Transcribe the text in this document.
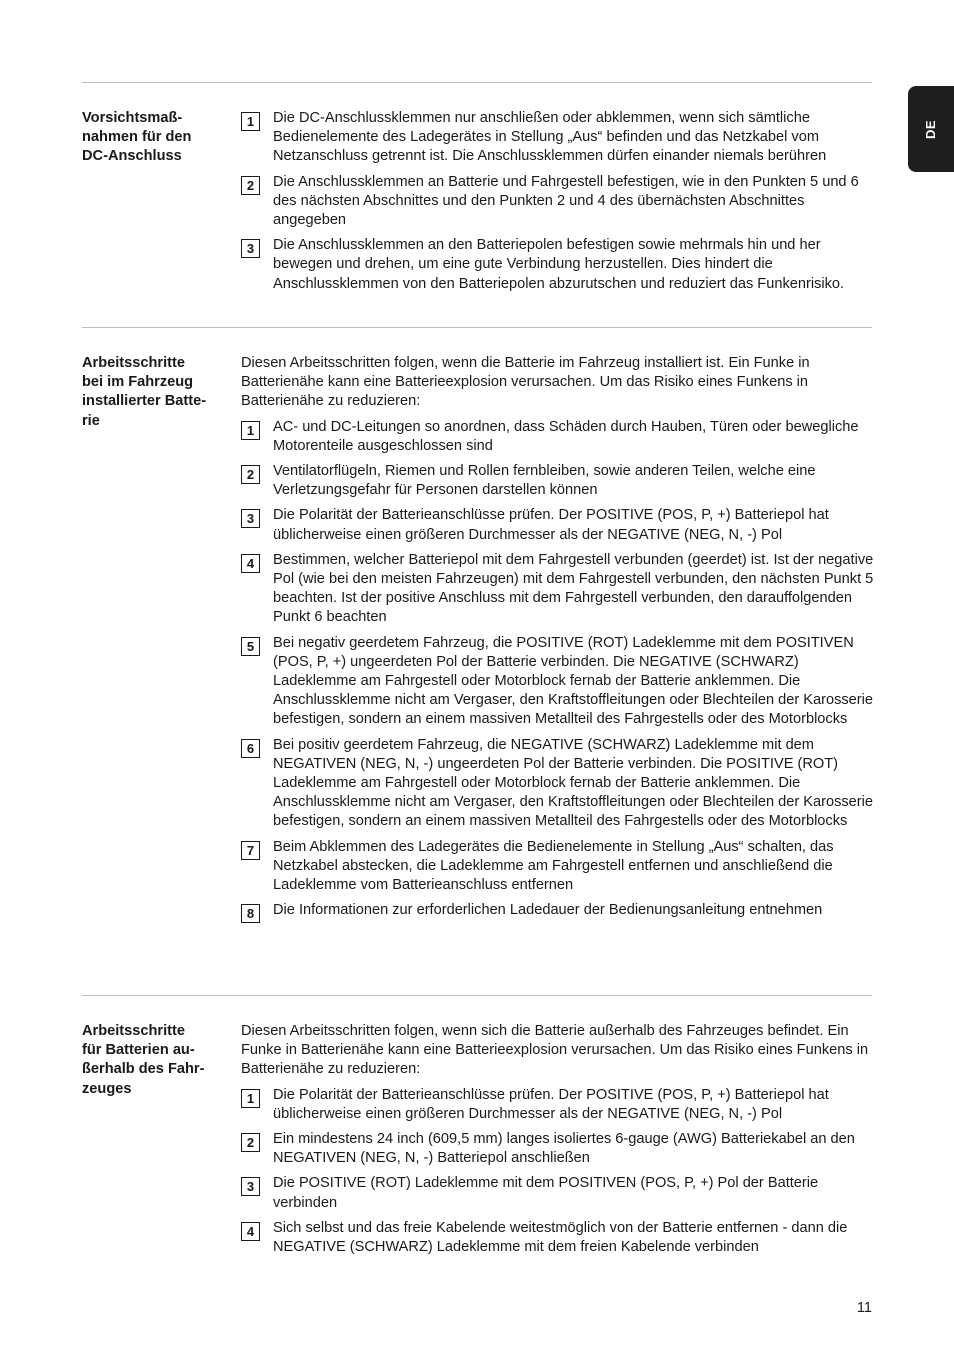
DE
Vorsichtsmaß-
nahmen für den
DC-Anschluss
1	Die DC-Anschlussklemmen nur anschließen oder abklemmen, wenn sich sämtliche Bedienelemente des Ladegerätes in Stellung „Aus“ befinden und das Netzkabel vom Netzanschluss getrennt ist. Die Anschlussklemmen dürfen einander niemals berühren
2	Die Anschlussklemmen an Batterie und Fahrgestell befestigen, wie in den Punkten 5 und 6 des nächsten Abschnittes und den Punkten 2 und 4 des übernächsten Abschnittes angegeben
3	Die Anschlussklemmen an den Batteriepolen befestigen sowie mehrmals hin und her bewegen und drehen, um eine gute Verbindung herzustellen. Dies hindert die Anschlussklemmen von den Batteriepolen abzurutschen und reduziert das Funkenrisiko.
Arbeitsschritte
bei im Fahrzeug
installierter Batte-
rie

Diesen Arbeitsschritten folgen, wenn die Batterie im Fahrzeug installiert ist. Ein Funke in Batterienähe kann eine Batterieexplosion verursachen. Um das Risiko eines Funkens in Batterienähe zu reduzieren:

1	AC- und DC-Leitungen so anordnen, dass Schäden durch Hauben, Türen oder bewegliche Motorenteile ausgeschlossen sind
2	Ventilatorflügeln, Riemen und Rollen fernbleiben, sowie anderen Teilen, welche eine Verletzungsgefahr für Personen darstellen können
3	Die Polarität der Batterieanschlüsse prüfen. Der POSITIVE (POS, P, +) Batteriepol hat üblicherweise einen größeren Durchmesser als der NEGATIVE (NEG, N, -) Pol
4	Bestimmen, welcher Batteriepol mit dem Fahrgestell verbunden (geerdet) ist. Ist der negative Pol (wie bei den meisten Fahrzeugen) mit dem Fahrgestell verbunden, den nächsten Punkt 5 beachten. Ist der positive Anschluss mit dem Fahrgestell verbunden, den darauffolgenden Punkt 6 beachten
5	Bei negativ geerdetem Fahrzeug, die POSITIVE (ROT) Ladeklemme mit dem POSITIVEN (POS, P, +) ungeerdeten Pol der Batterie verbinden. Die NEGATIVE (SCHWARZ) Ladeklemme am Fahrgestell oder Motorblock fernab der Batterie anklemmen. Die Anschlussklemme nicht am Vergaser, den Kraftstoffleitungen oder Blechteilen der Karosserie befestigen, sondern an einem massiven Metallteil des Fahrgestells oder des Motorblocks
6	Bei positiv geerdetem Fahrzeug, die NEGATIVE (SCHWARZ) Ladeklemme mit dem NEGATIVEN (NEG, N, -) ungeerdeten Pol der Batterie verbinden. Die POSITIVE (ROT) Ladeklemme am Fahrgestell oder Motorblock fernab der Batterie anklemmen. Die Anschlussklemme nicht am Vergaser, den Kraftstoffleitungen oder Blechteilen der Karosserie befestigen, sondern an einem massiven Metallteil des Fahrgestells oder des Motorblocks
7	Beim Abklemmen des Ladegerätes die Bedienelemente in Stellung „Aus“ schalten, das Netzkabel abstecken, die Ladeklemme am Fahrgestell entfernen und anschließend die Ladeklemme vom Batterieanschluss entfernen
8	Die Informationen zur erforderlichen Ladedauer der Bedienungsanleitung entnehmen
Arbeitsschritte
für Batterien au-
ßerhalb des Fahr-
zeuges

Diesen Arbeitsschritten folgen, wenn sich die Batterie außerhalb des Fahrzeuges befindet. Ein Funke in Batterienähe kann eine Batterieexplosion verursachen. Um das Risiko eines Funkens in Batterienähe zu reduzieren:

1	Die Polarität der Batterieanschlüsse prüfen. Der POSITIVE (POS, P, +) Batteriepol hat üblicherweise einen größeren Durchmesser als der NEGATIVE (NEG, N, -) Pol
2	Ein mindestens 24 inch (609,5 mm) langes isoliertes 6-gauge (AWG) Batteriekabel an den NEGATIVEN (NEG, N, -) Batteriepol anschließen
3	Die POSITIVE (ROT) Ladeklemme mit dem POSITIVEN (POS, P, +) Pol der Batterie verbinden
4	Sich selbst und das freie Kabelende weitestmöglich von der Batterie entfernen - dann die NEGATIVE (SCHWARZ) Ladeklemme mit dem freien Kabelende verbinden
11
